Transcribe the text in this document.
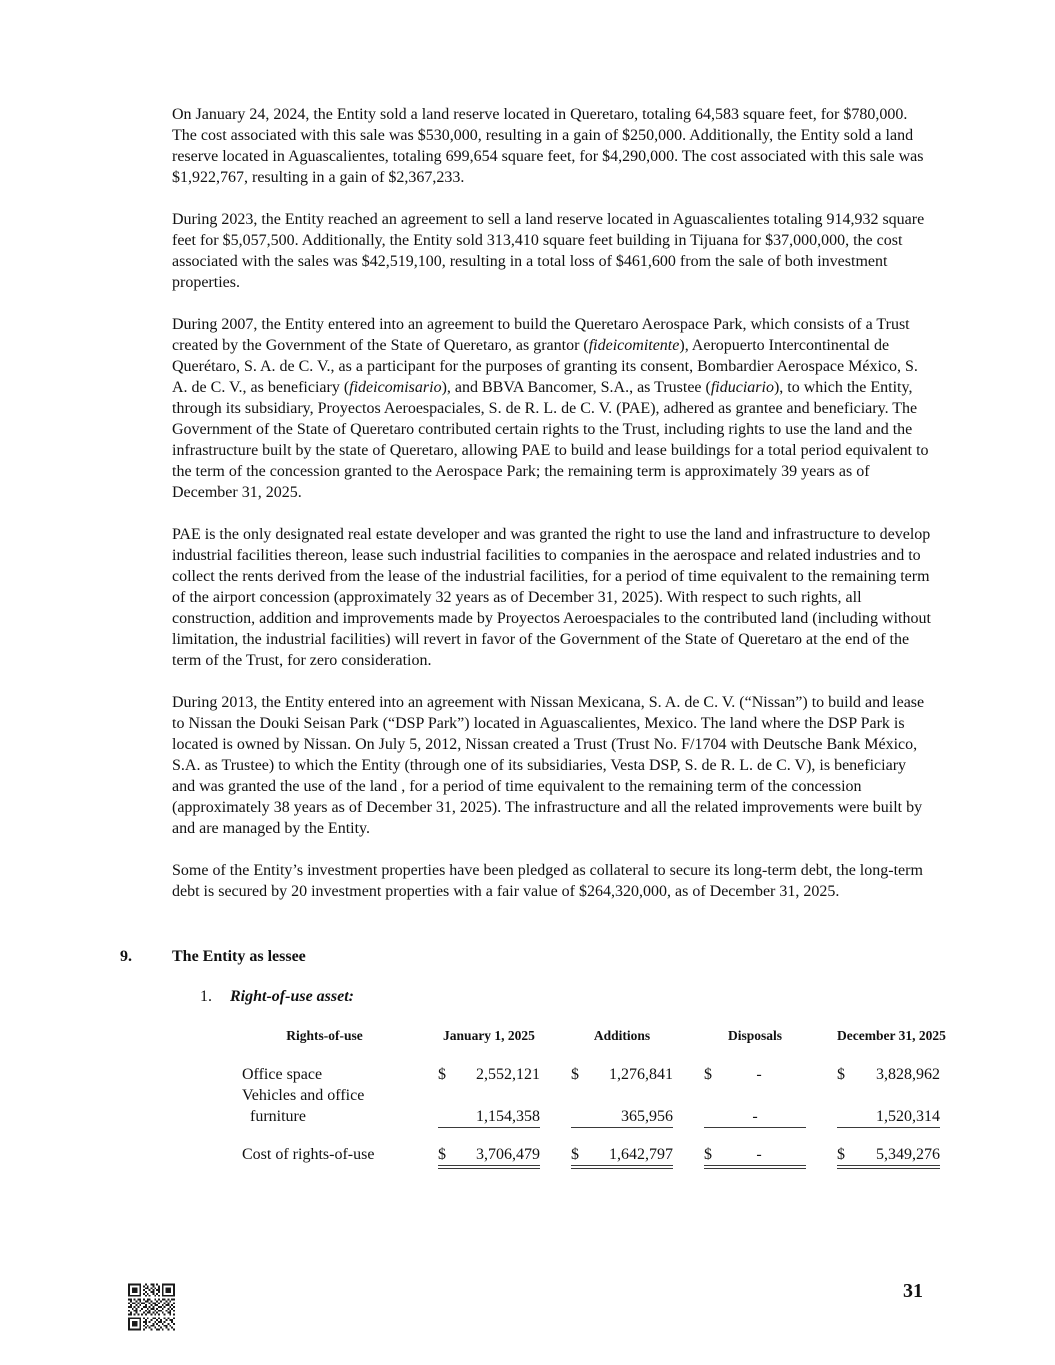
On January 24, 2024, the Entity sold a land reserve located in Queretaro, totaling 64,583 square feet, for $780,000. The cost associated with this sale was $530,000, resulting in a gain of $250,000. Additionally, the Entity sold a land reserve located in Aguascalientes, totaling 699,654 square feet, for $4,290,000. The cost associated with this sale was $1,922,767, resulting in a gain of $2,367,233.

During 2023, the Entity reached an agreement to sell a land reserve located in Aguascalientes totaling 914,932 square feet for $5,057,500. Additionally, the Entity sold 313,410 square feet building in Tijuana for $37,000,000, the cost associated with the sales was $42,519,100, resulting in a total loss of $461,600 from the sale of both investment properties.

During 2007, the Entity entered into an agreement to build the Queretaro Aerospace Park, which consists of a Trust created by the Government of the State of Queretaro, as grantor (fideicomitente), Aeropuerto Intercontinental de Querétaro, S. A. de C. V., as a participant for the purposes of granting its consent, Bombardier Aerospace México, S. A. de C. V., as beneficiary (fideicomisario), and BBVA Bancomer, S.A., as Trustee (fiduciario), to which the Entity, through its subsidiary, Proyectos Aeroespaciales, S. de R. L. de C. V. (PAE), adhered as grantee and beneficiary. The Government of the State of Queretaro contributed certain rights to the Trust, including rights to use the land and the infrastructure built by the state of Queretaro, allowing PAE to build and lease buildings for a total period equivalent to the term of the concession granted to the Aerospace Park; the remaining term is approximately 39 years as of December 31, 2025.

PAE is the only designated real estate developer and was granted the right to use the land and infrastructure to develop industrial facilities thereon, lease such industrial facilities to companies in the aerospace and related industries and to collect the rents derived from the lease of the industrial facilities, for a period of time equivalent to the remaining term of the airport concession (approximately 32 years as of December 31, 2025). With respect to such rights, all construction, addition and improvements made by Proyectos Aeroespaciales to the contributed land (including without limitation, the industrial facilities) will revert in favor of the Government of the State of Queretaro at the end of the term of the Trust, for zero consideration.

During 2013, the Entity entered into an agreement with Nissan Mexicana, S. A. de C. V. (“Nissan”) to build and lease to Nissan the Douki Seisan Park (“DSP Park”) located in Aguascalientes, Mexico. The land where the DSP Park is located is owned by Nissan. On July 5, 2012, Nissan created a Trust (Trust No. F/1704 with Deutsche Bank México, S.A. as Trustee) to which the Entity (through one of its subsidiaries, Vesta DSP, S. de R. L. de C. V), is beneficiary and was granted the use of the land , for a period of time equivalent to the remaining term of the concession (approximately 38 years as of December 31, 2025). The infrastructure and all the related improvements were built by and are managed by the Entity.

Some of the Entity’s investment properties have been pledged as collateral to secure its long-term debt, the long-term debt is secured by 20 investment properties with a fair value of $264,320,000, as of December 31, 2025.

9.	The Entity as lessee
1.	Right-of-use asset:
Rights-of-use	January 1, 2025	Additions	Disposals	December 31, 2025
Office space	$ 2,552,121 $ 1,276,841 $	-	$ 3,828,962
Vehicles and office
furniture	1,154,358	365,956	-	1,520,314
Cost of rights-of-use	$ 3,706,479 $ 1,642,797 $	-	$ 5,349,276
31
